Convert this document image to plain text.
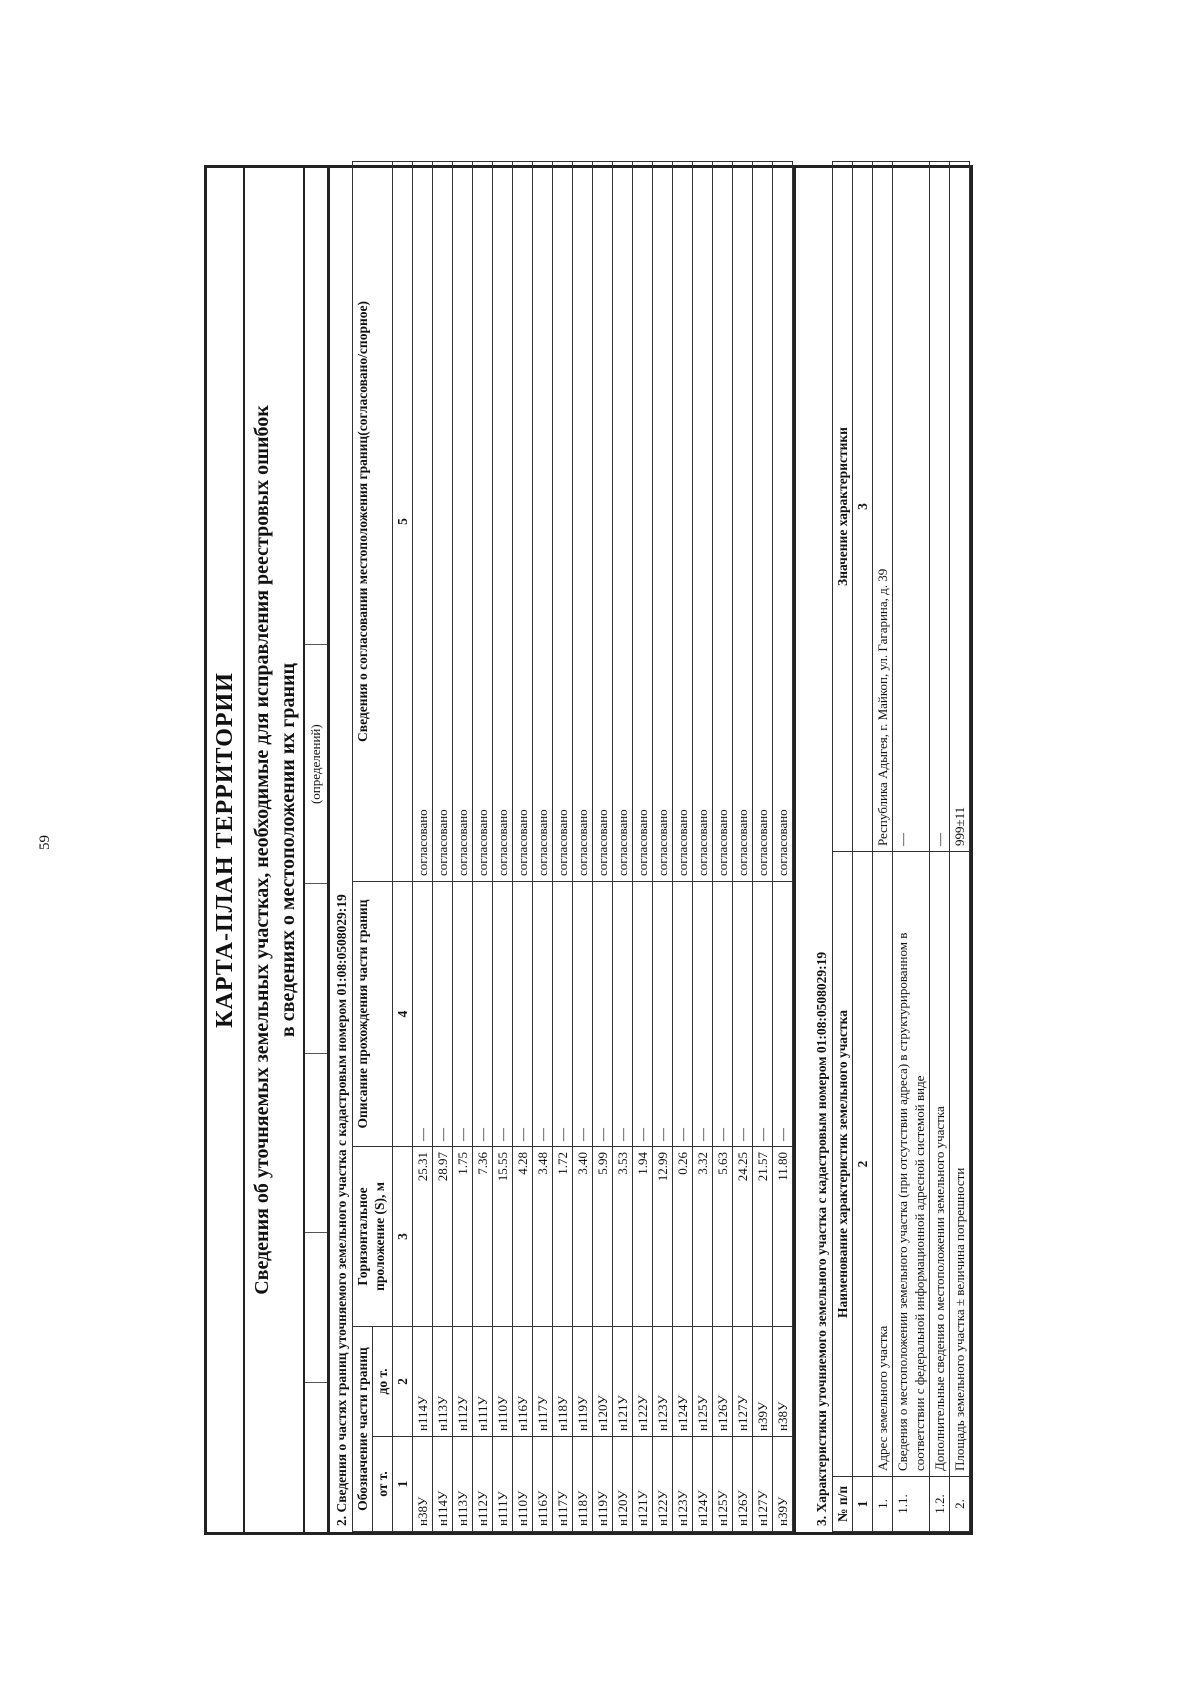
59	КАРТА-ПЛАН ТЕРРИТОРИИ Сведения об уточняемых земельных участках, необходимые для исправления реестровых ошибок в сведениях о местоположении их границ (определений)
2. Сведения о частях границ уточняемого земельного участка с кадастровым номером 01:08:0508029:19 Обозначение части границ		Горизонтальное проложение (S), м	Описание прохождения части границ	Сведения о согласовании местоположения границ(согласовано/спорное)
от т.	до т.			
1	2	3	4	5
н38У	н114У	25.31	—	согласовано
н114У	н113У	28.97	—	согласовано
н113У	н112У	1.75	—	согласовано
н112У	н111У	7.36	—	согласовано
н111У	н110У	15.55	—	согласовано
н110У	н116У	4.28	—	согласовано
н116У	н117У	3.48	—	согласовано
н117У	н118У	1.72	—	согласовано
н118У	н119У	3.40	—	согласовано
н119У	н120У	5.99	—	согласовано
н120У	н121У	3.53	—	согласовано
н121У	н122У	1.94	—	согласовано
н122У	н123У	12.99	—	согласовано
н123У	н124У	0.26	—	согласовано
н124У	н125У	3.32	—	согласовано
н125У	н126У	5.63	—	согласовано
н126У	н127У	24.25	—	согласовано
н127У	н39У	21.57	—	согласовано
н39У	н38У	11.80	—	согласовано
3. Характеристики уточняемого земельного участка с кадастровым номером 01:08:0508029:19 № п/п	Наименование характеристик земельного участка	Значение характеристики
1	2	3
1.	Адрес земельного участка	Республика Адыгея, г. Майкоп, ул. Гагарина, д. 39
1.1.	Сведения о местоположении земельного участка (при отсутствии адреса) в структурированном в соответствии с федеральной информационной адресной системой виде	—
1.2.	Дополнительные сведения о местоположении земельного участка	—
2.	Площадь земельного участка ± величина погрешности	999±11
